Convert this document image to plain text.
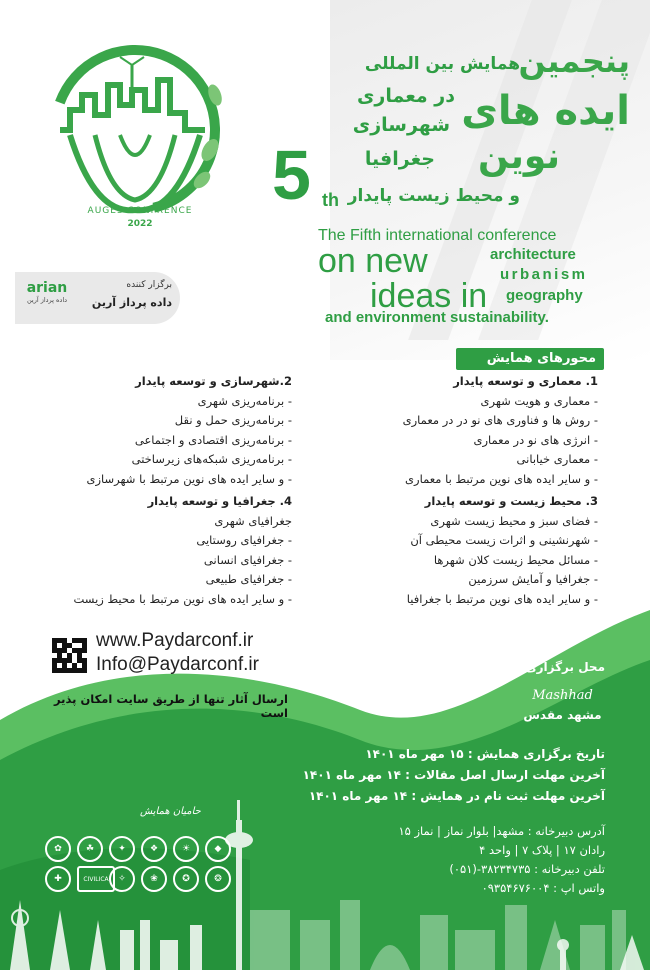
AUGES CONFRENCE
2022
arian
داده پرداز آرین
برگزار کننده
داده پرداز آرین
پنجمین
همایش بین المللی
ایده های
در معماری
شهرسازی
نوین
جغرافیا
و محیط زیست پایدار
5 th
The Fifth international conference
on new
ideas in
architecture
urbanism
geography
and environment sustainability.
محورهای همایش
1. معماری و توسعه پایدار
- معماری و هویت شهری
- روش ها و فناوری های نو در در معماری
- انرژی های نو در معماری
- معماری خیابانی
- و سایر ایده های نوین مرتبط با معماری
2.شهرسازی و توسعه پایدار
- برنامه‌ریزی شهری
- برنامه‌ریزی حمل و نقل
- برنامه‌ریزی اقتصادی و اجتماعی
- برنامه‌ریزی شبکه‌های زیرساختی
- و سایر ایده های نوین مرتبط با شهرسازی
3. محیط زیست و توسعه پایدار
- فضای سبز و محیط زیست شهری
- شهرنشینی و اثرات زیست محیطی آن
- مسائل محیط زیست کلان شهرها
- جغرافیا و آمایش سرزمین
- و سایر ایده های نوین مرتبط با جغرافیا
4. جغرافیا و توسعه پایدار
جغرافیای شهری
- جغرافیای روستایی
- جغرافیای انسانی
- جغرافیای طبیعی
- و سایر ایده های نوین مرتبط با محیط زیست
www.Paydarconf.ir
Info@Paydarconf.ir
ارسال آثار تنها از طریق سایت امکان پذیر است
محل برگزاری:
Mashhad
مشهد مقدس
تاریخ برگزاری همایش : ۱۵ مهر ماه ۱۴۰۱
آخرین مهلت ارسال اصل مقالات : ۱۴ مهر ماه ۱۴۰۱
آخرین مهلت ثبت نام در همایش : ۱۴ مهر ماه ۱۴۰۱
آدرس دبیرخانه : مشهد| بلوار نماز | نماز ۱۵
رادان ۱۷ | پلاک ۷ | واحد ۴
تلفن دبیرخانه : ۳۸۲۳۴۷۳۵-(۰۵۱)
واتس اپ : ۰۹۳۵۴۶۷۶۰۰۴
حامیان همایش
✿	☘	✦	❖	☀	◆
✚	CIVILICA	✧	❀	✪	❂
